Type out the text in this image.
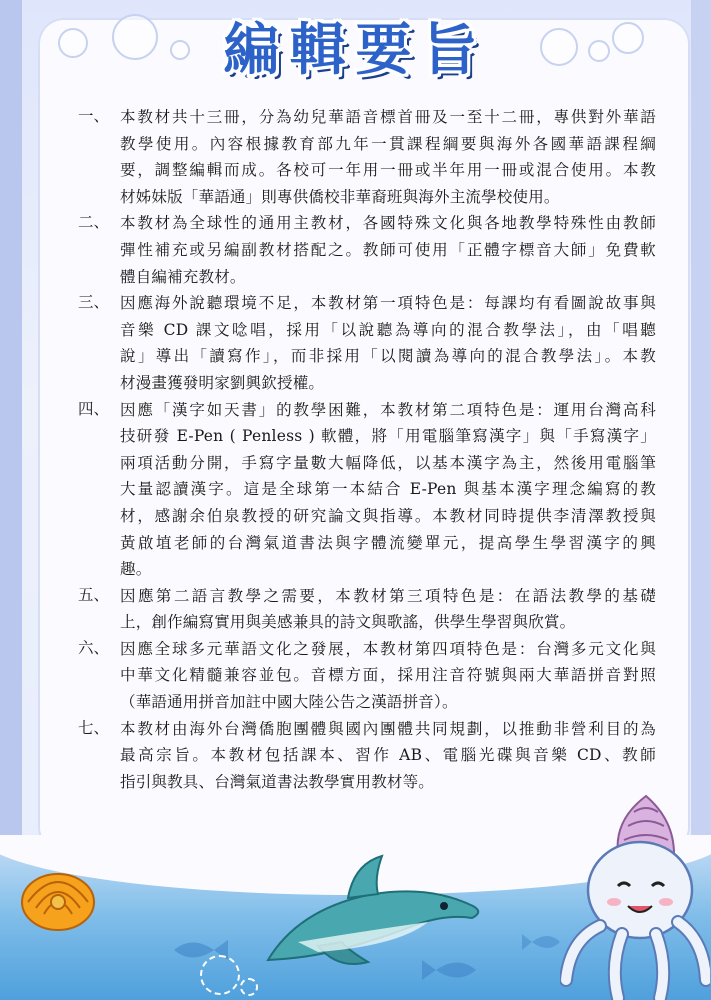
編輯要旨
一、 本教材共十三冊，分為幼兒華語音標首冊及一至十二冊，專供對外華語
教學使用。內容根據教育部九年一貫課程綱要與海外各國華語課程綱
要，調整編輯而成。各校可一年用一冊或半年用一冊或混合使用。本教
材姊妹版「華語通」則專供僑校非華裔班與海外主流學校使用。
二、 本教材為全球性的通用主教材，各國特殊文化與各地教學特殊性由教師
彈性補充或另編副教材搭配之。教師可使用「正體字標音大師」免費軟
體自編補充教材。
三、 因應海外說聽環境不足，本教材第一項特色是：每課均有看圖說故事與
音樂 CD 課文唸唱，採用「以說聽為導向的混合教學法」，由「唱聽
說」導出「讀寫作」，而非採用「以閱讀為導向的混合教學法」。本教
材漫畫獲發明家劉興欽授權。
四、 因應「漢字如天書」的教學困難，本教材第二項特色是：運用台灣高科
技研發 E-Pen ( Penless ) 軟體，將「用電腦筆寫漢字」與「手寫漢字」
兩項活動分開，手寫字量數大幅降低，以基本漢字為主，然後用電腦筆
大量認讀漢字。這是全球第一本結合 E-Pen 與基本漢字理念編寫的教
材，感謝余伯泉教授的研究論文與指導。本教材同時提供李清澤教授與
黃啟埴老師的台灣氣道書法與字體流變單元，提高學生學習漢字的興
趣。
五、 因應第二語言教學之需要，本教材第三項特色是：在語法教學的基礎
上，創作編寫實用與美感兼具的詩文與歌謠，供學生學習與欣賞。
六、 因應全球多元華語文化之發展，本教材第四項特色是：台灣多元文化與
中華文化精髓兼容並包。音標方面，採用注音符號與兩大華語拼音對照
（華語通用拼音加註中國大陸公告之漢語拼音）。
七、 本教材由海外台灣僑胞團體與國內團體共同規劃，以推動非營利目的為
最高宗旨。本教材包括課本、習作 AB、電腦光碟與音樂 CD、教師
指引與教具、台灣氣道書法教學實用教材等。
